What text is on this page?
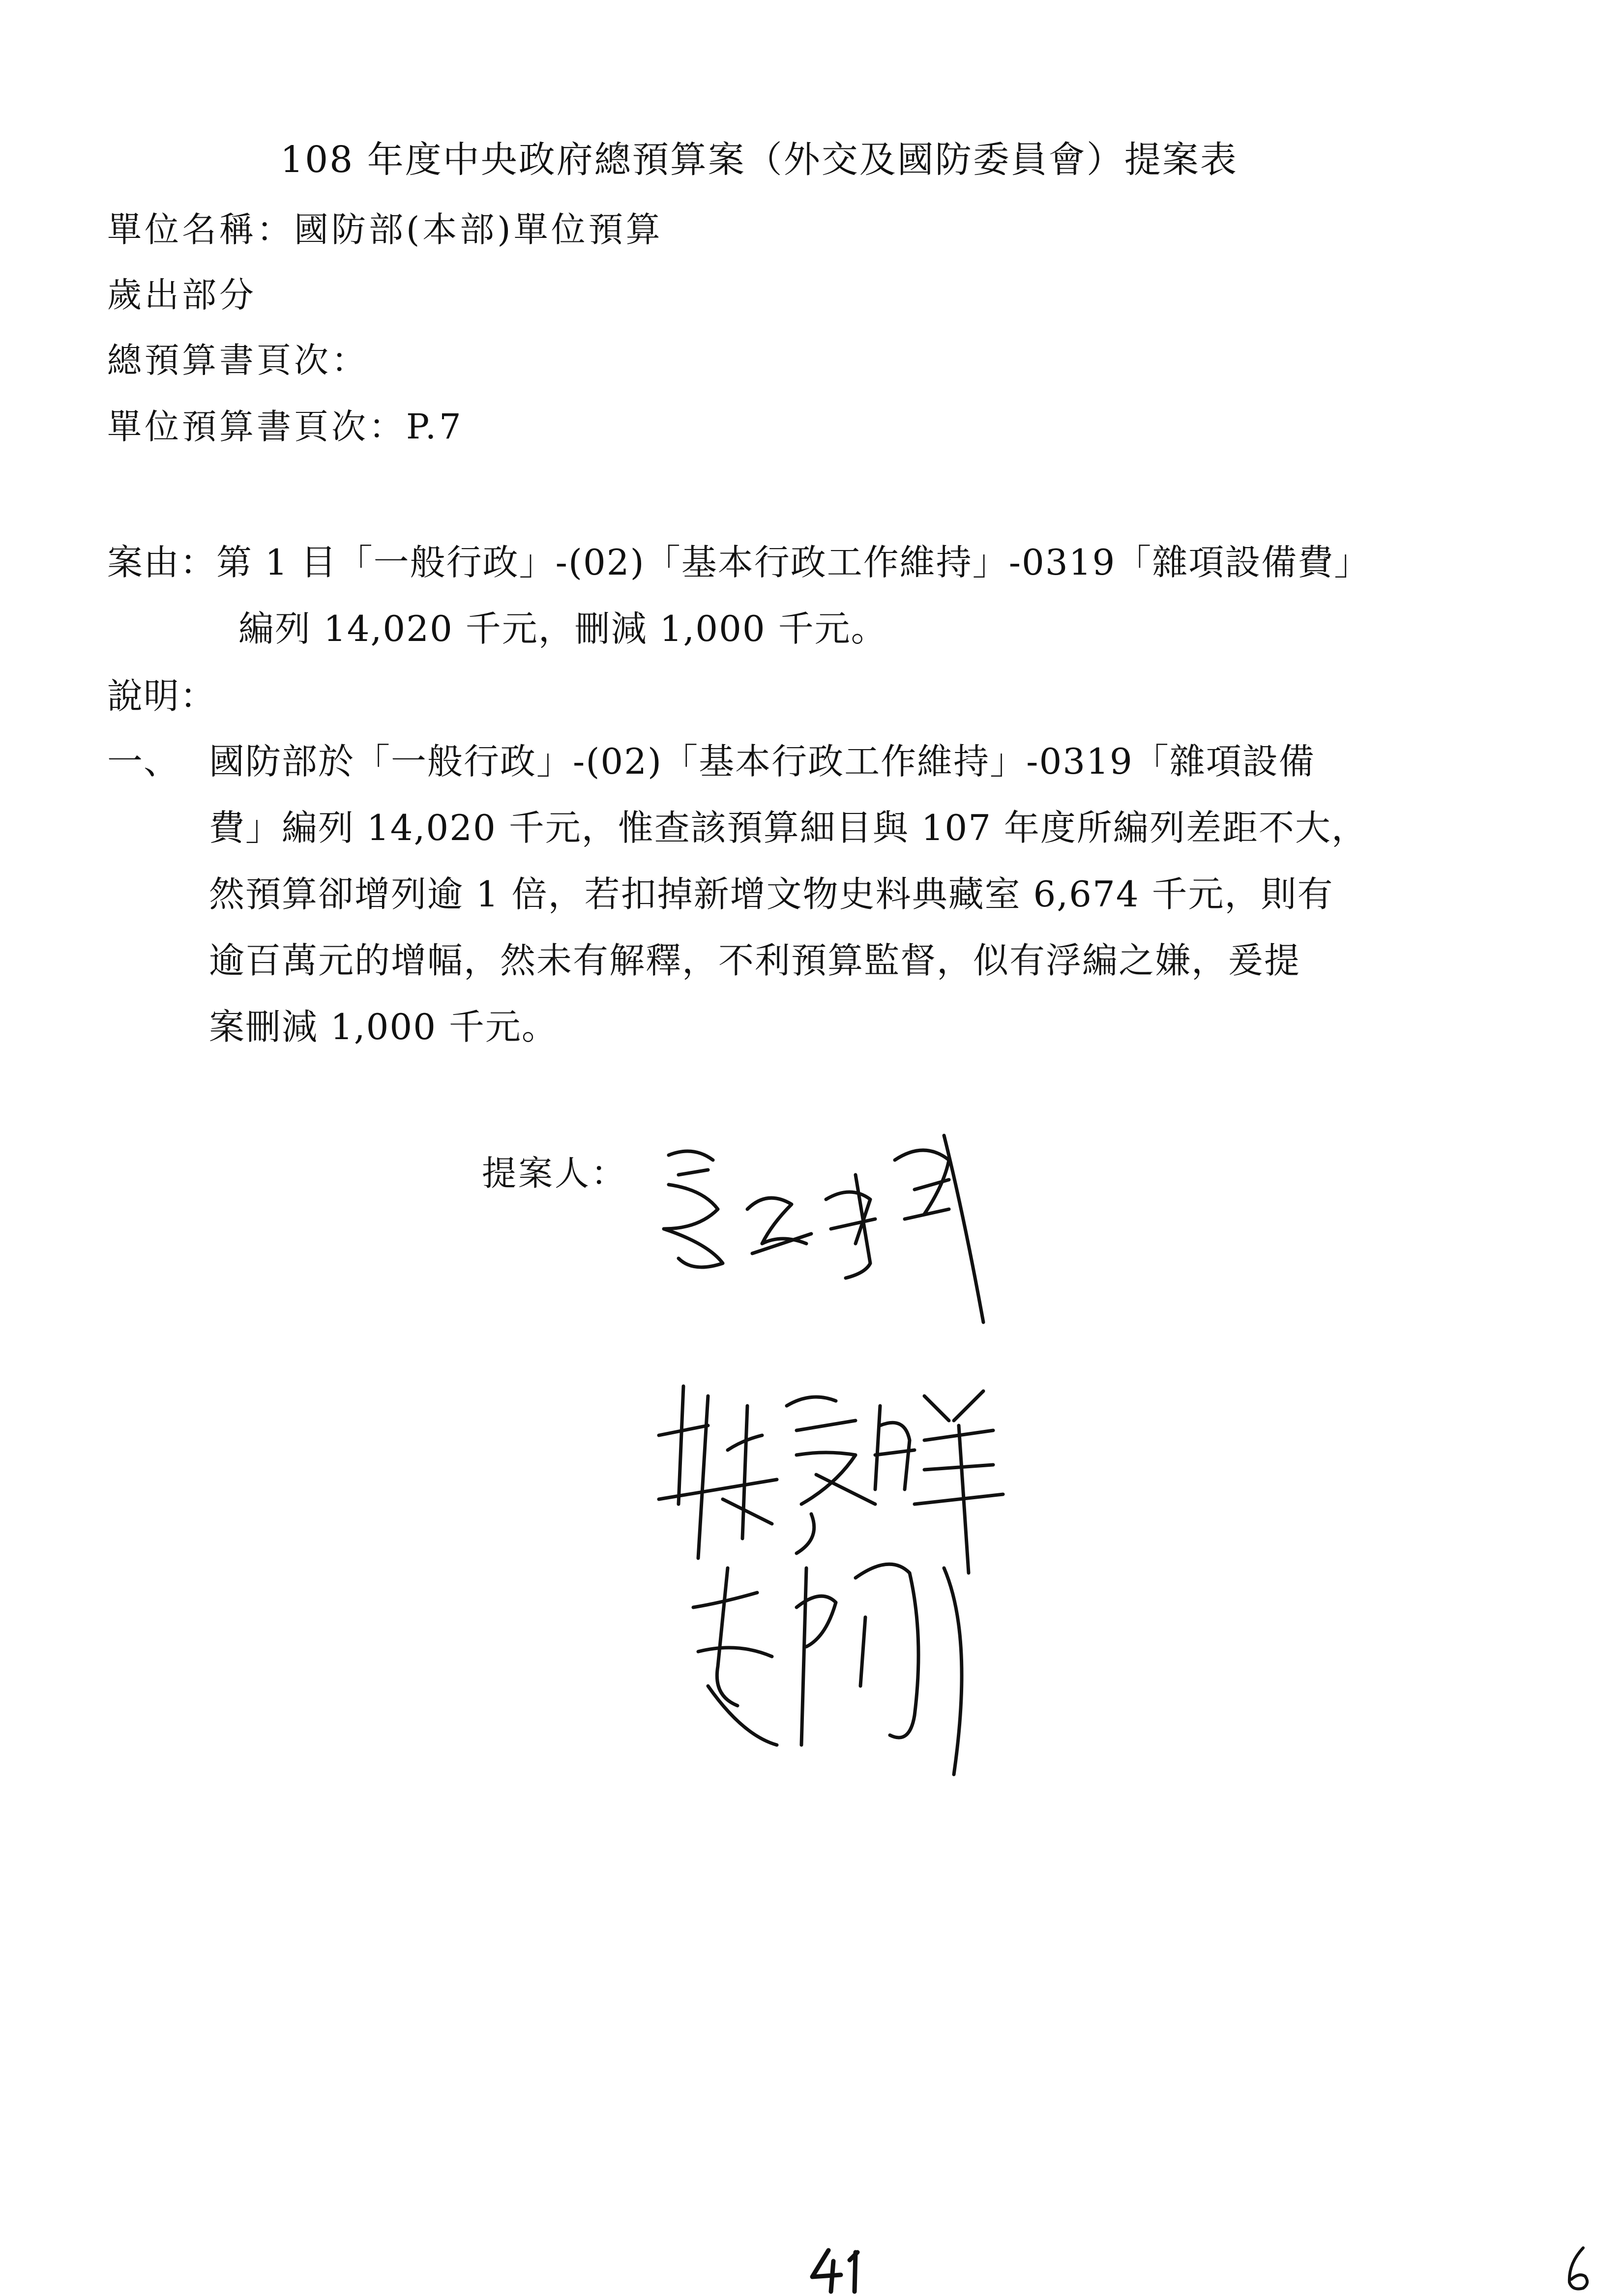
108 年度中央政府總預算案（外交及國防委員會）提案表
單位名稱：國防部(本部)單位預算
歲出部分
總預算書頁次：
單位預算書頁次：P.7
案由：第 1 目「一般行政」-(02)「基本行政工作維持」-0319「雜項設備費」
編列 14,020 千元，刪減 1,000 千元。
說明：
一、 國防部於「一般行政」-(02)「基本行政工作維持」-0319「雜項設備
費」編列 14,020 千元，惟查該預算細目與 107 年度所編列差距不大，
然預算卻增列逾 1 倍，若扣掉新增文物史料典藏室 6,674 千元，則有
逾百萬元的增幅，然未有解釋，不利預算監督，似有浮編之嫌，爰提
案刪減 1,000 千元。
提案人：
